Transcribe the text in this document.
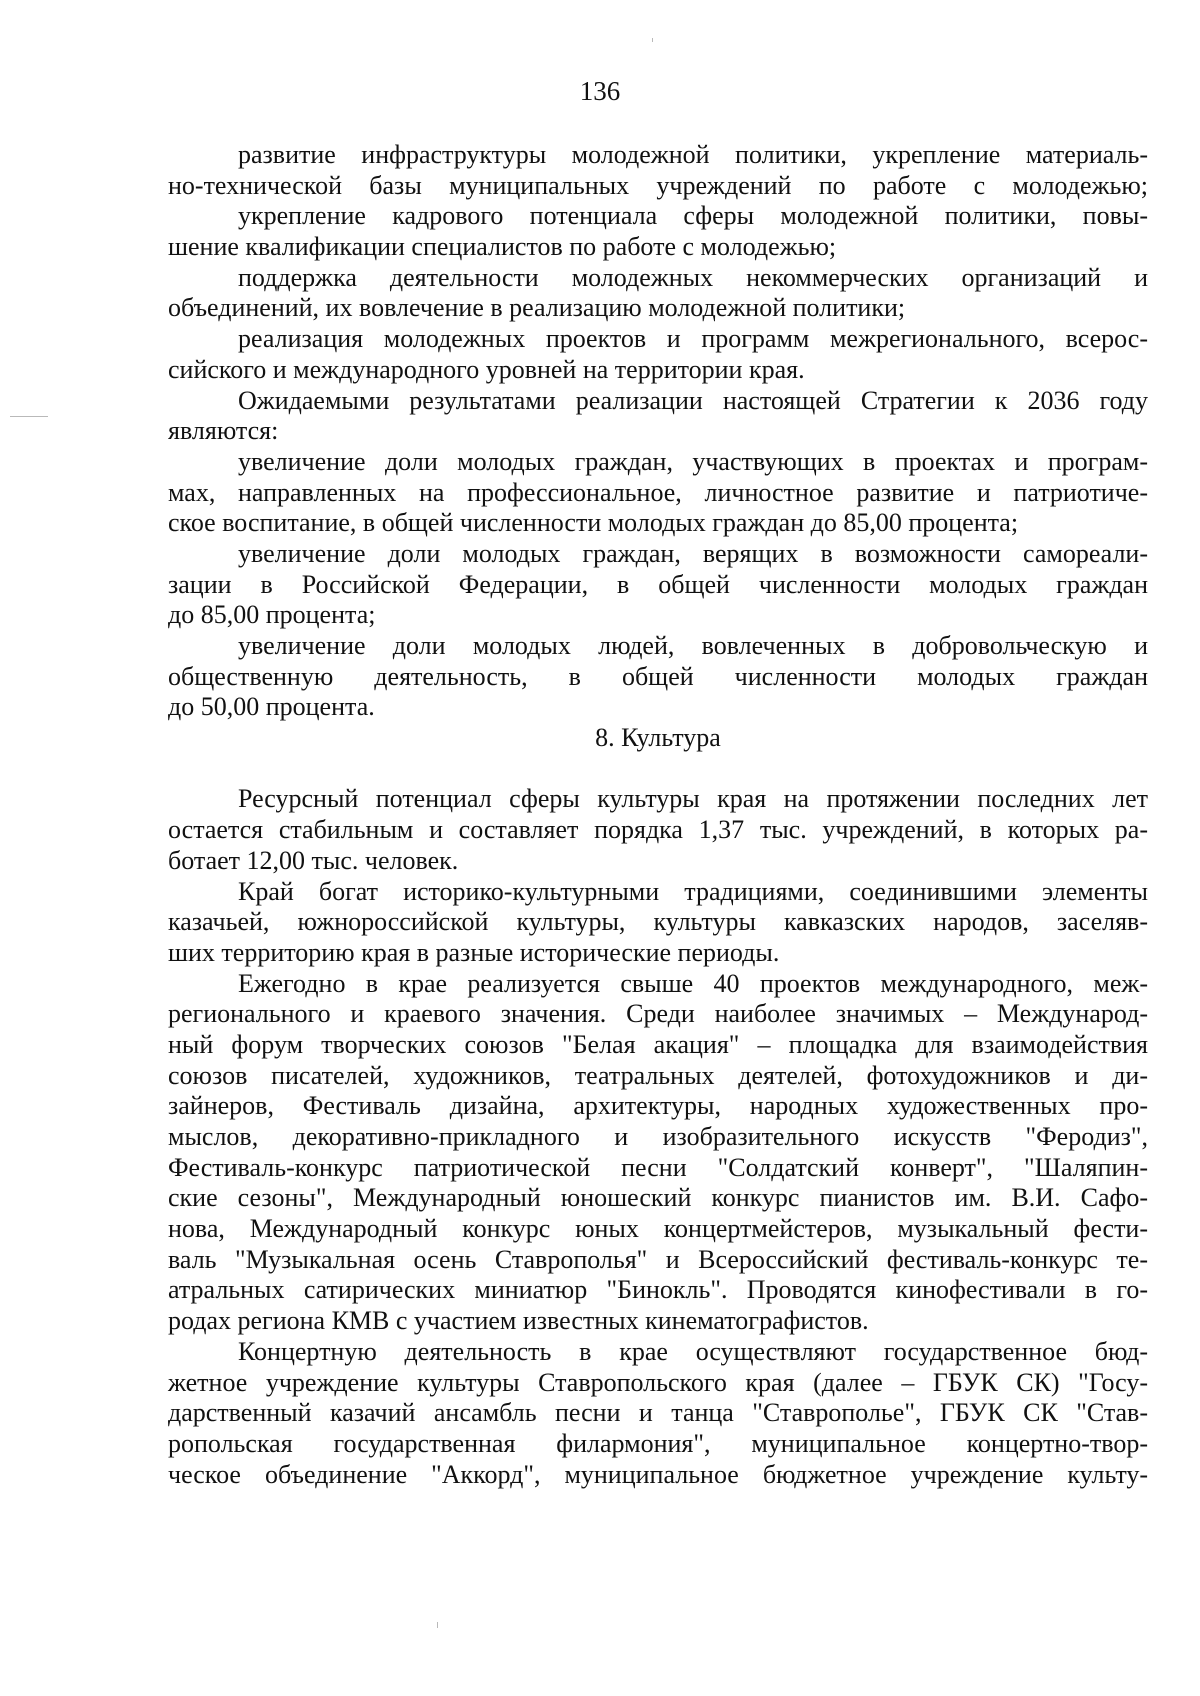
136
развитие инфраструктуры молодежной политики, укрепление материаль-
но-технической базы муниципальных учреждений по работе с молодежью;
укрепление кадрового потенциала сферы молодежной политики, повы-
шение квалификации специалистов по работе с молодежью;
поддержка деятельности молодежных некоммерческих организаций и
объединений, их вовлечение в реализацию молодежной политики;
реализация молодежных проектов и программ межрегионального, всерос-
сийского и международного уровней на территории края.
Ожидаемыми результатами реализации настоящей Стратегии к 2036 году
являются:
увеличение доли молодых граждан, участвующих в проектах и програм-
мах, направленных на профессиональное, личностное развитие и патриотиче-
ское воспитание, в общей численности молодых граждан до 85,00 процента;
увеличение доли молодых граждан, верящих в возможности самореали-
зации в Российской Федерации, в общей численности молодых граждан
до 85,00 процента;
увеличение доли молодых людей, вовлеченных в добровольческую и
общественную деятельность, в общей численности молодых граждан
до 50,00 процента.
8. Культура
Ресурсный потенциал сферы культуры края на протяжении последних лет
остается стабильным и составляет порядка 1,37 тыс. учреждений, в которых ра-
ботает 12,00 тыс. человек.
Край богат историко-культурными традициями, соединившими элементы
казачьей, южнороссийской культуры, культуры кавказских народов, заселяв-
ших территорию края в разные исторические периоды.
Ежегодно в крае реализуется свыше 40 проектов международного, меж-
регионального и краевого значения. Среди наиболее значимых – Международ-
ный форум творческих союзов "Белая акация" – площадка для взаимодействия
союзов писателей, художников, театральных деятелей, фотохудожников и ди-
зайнеров, Фестиваль дизайна, архитектуры, народных художественных про-
мыслов, декоративно-прикладного и изобразительного искусств "Феродиз",
Фестиваль-конкурс патриотической песни "Солдатский конверт", "Шаляпин-
ские сезоны", Международный юношеский конкурс пианистов им. В.И. Сафо-
нова, Международный конкурс юных концертмейстеров, музыкальный фести-
валь "Музыкальная осень Ставрополья" и Всероссийский фестиваль-конкурс те-
атральных сатирических миниатюр "Бинокль". Проводятся кинофестивали в го-
родах региона КМВ с участием известных кинематографистов.
Концертную деятельность в крае осуществляют государственное бюд-
жетное учреждение культуры Ставропольского края (далее – ГБУК СК) "Госу-
дарственный казачий ансамбль песни и танца "Ставрополье", ГБУК СК "Став-
ропольская государственная филармония", муниципальное концертно-твор-
ческое объединение "Аккорд", муниципальное бюджетное учреждение культу-
